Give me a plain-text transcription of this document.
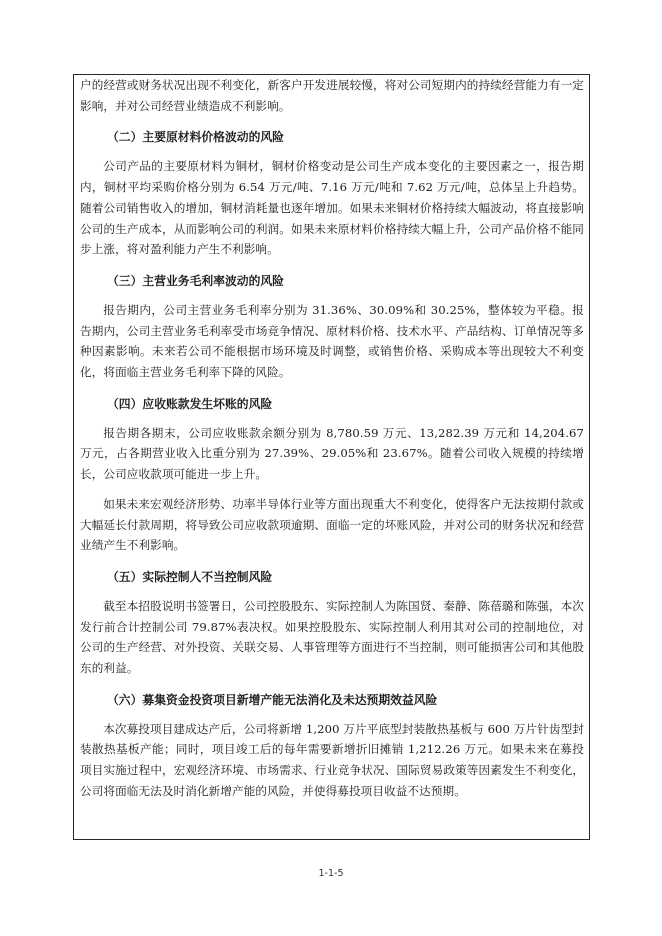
户的经营或财务状况出现不利变化，新客户开发进展较慢，将对公司短期内的持续经营能力有一定影响，并对公司经营业绩造成不利影响。

（二）主要原材料价格波动的风险

公司产品的主要原材料为铜材，铜材价格变动是公司生产成本变化的主要因素之一，报告期内，铜材平均采购价格分别为 6.54 万元/吨、7.16 万元/吨和 7.62 万元/吨，总体呈上升趋势。随着公司销售收入的增加，铜材消耗量也逐年增加。如果未来铜材价格持续大幅波动，将直接影响公司的生产成本，从而影响公司的利润。如果未来原材料价格持续大幅上升，公司产品价格不能同步上涨，将对盈利能力产生不利影响。

（三）主营业务毛利率波动的风险

报告期内，公司主营业务毛利率分别为 31.36%、30.09%和 30.25%，整体较为平稳。报告期内，公司主营业务毛利率受市场竞争情况、原材料价格、技术水平、产品结构、订单情况等多种因素影响。未来若公司不能根据市场环境及时调整，或销售价格、采购成本等出现较大不利变化，将面临主营业务毛利率下降的风险。

（四）应收账款发生坏账的风险

报告期各期末，公司应收账款余额分别为 8,780.59 万元、13,282.39 万元和 14,204.67 万元，占各期营业收入比重分别为 27.39%、29.05%和 23.67%。随着公司收入规模的持续增长，公司应收款项可能进一步上升。

如果未来宏观经济形势、功率半导体行业等方面出现重大不利变化，使得客户无法按期付款或大幅延长付款周期，将导致公司应收款项逾期、面临一定的坏账风险，并对公司的财务状况和经营业绩产生不利影响。

（五）实际控制人不当控制风险

截至本招股说明书签署日，公司控股股东、实际控制人为陈国贤、秦静、陈蓓璐和陈强，本次发行前合计控制公司 79.87%表决权。如果控股股东、实际控制人利用其对公司的控制地位，对公司的生产经营、对外投资、关联交易、人事管理等方面进行不当控制，则可能损害公司和其他股东的利益。

（六）募集资金投资项目新增产能无法消化及未达预期效益风险

本次募投项目建成达产后，公司将新增 1,200 万片平底型封装散热基板与 600 万片针齿型封装散热基板产能；同时，项目竣工后的每年需要新增折旧摊销 1,212.26 万元。如果未来在募投项目实施过程中，宏观经济环境、市场需求、行业竞争状况、国际贸易政策等因素发生不利变化，公司将面临无法及时消化新增产能的风险，并使得募投项目收益不达预期。

1-1-5
